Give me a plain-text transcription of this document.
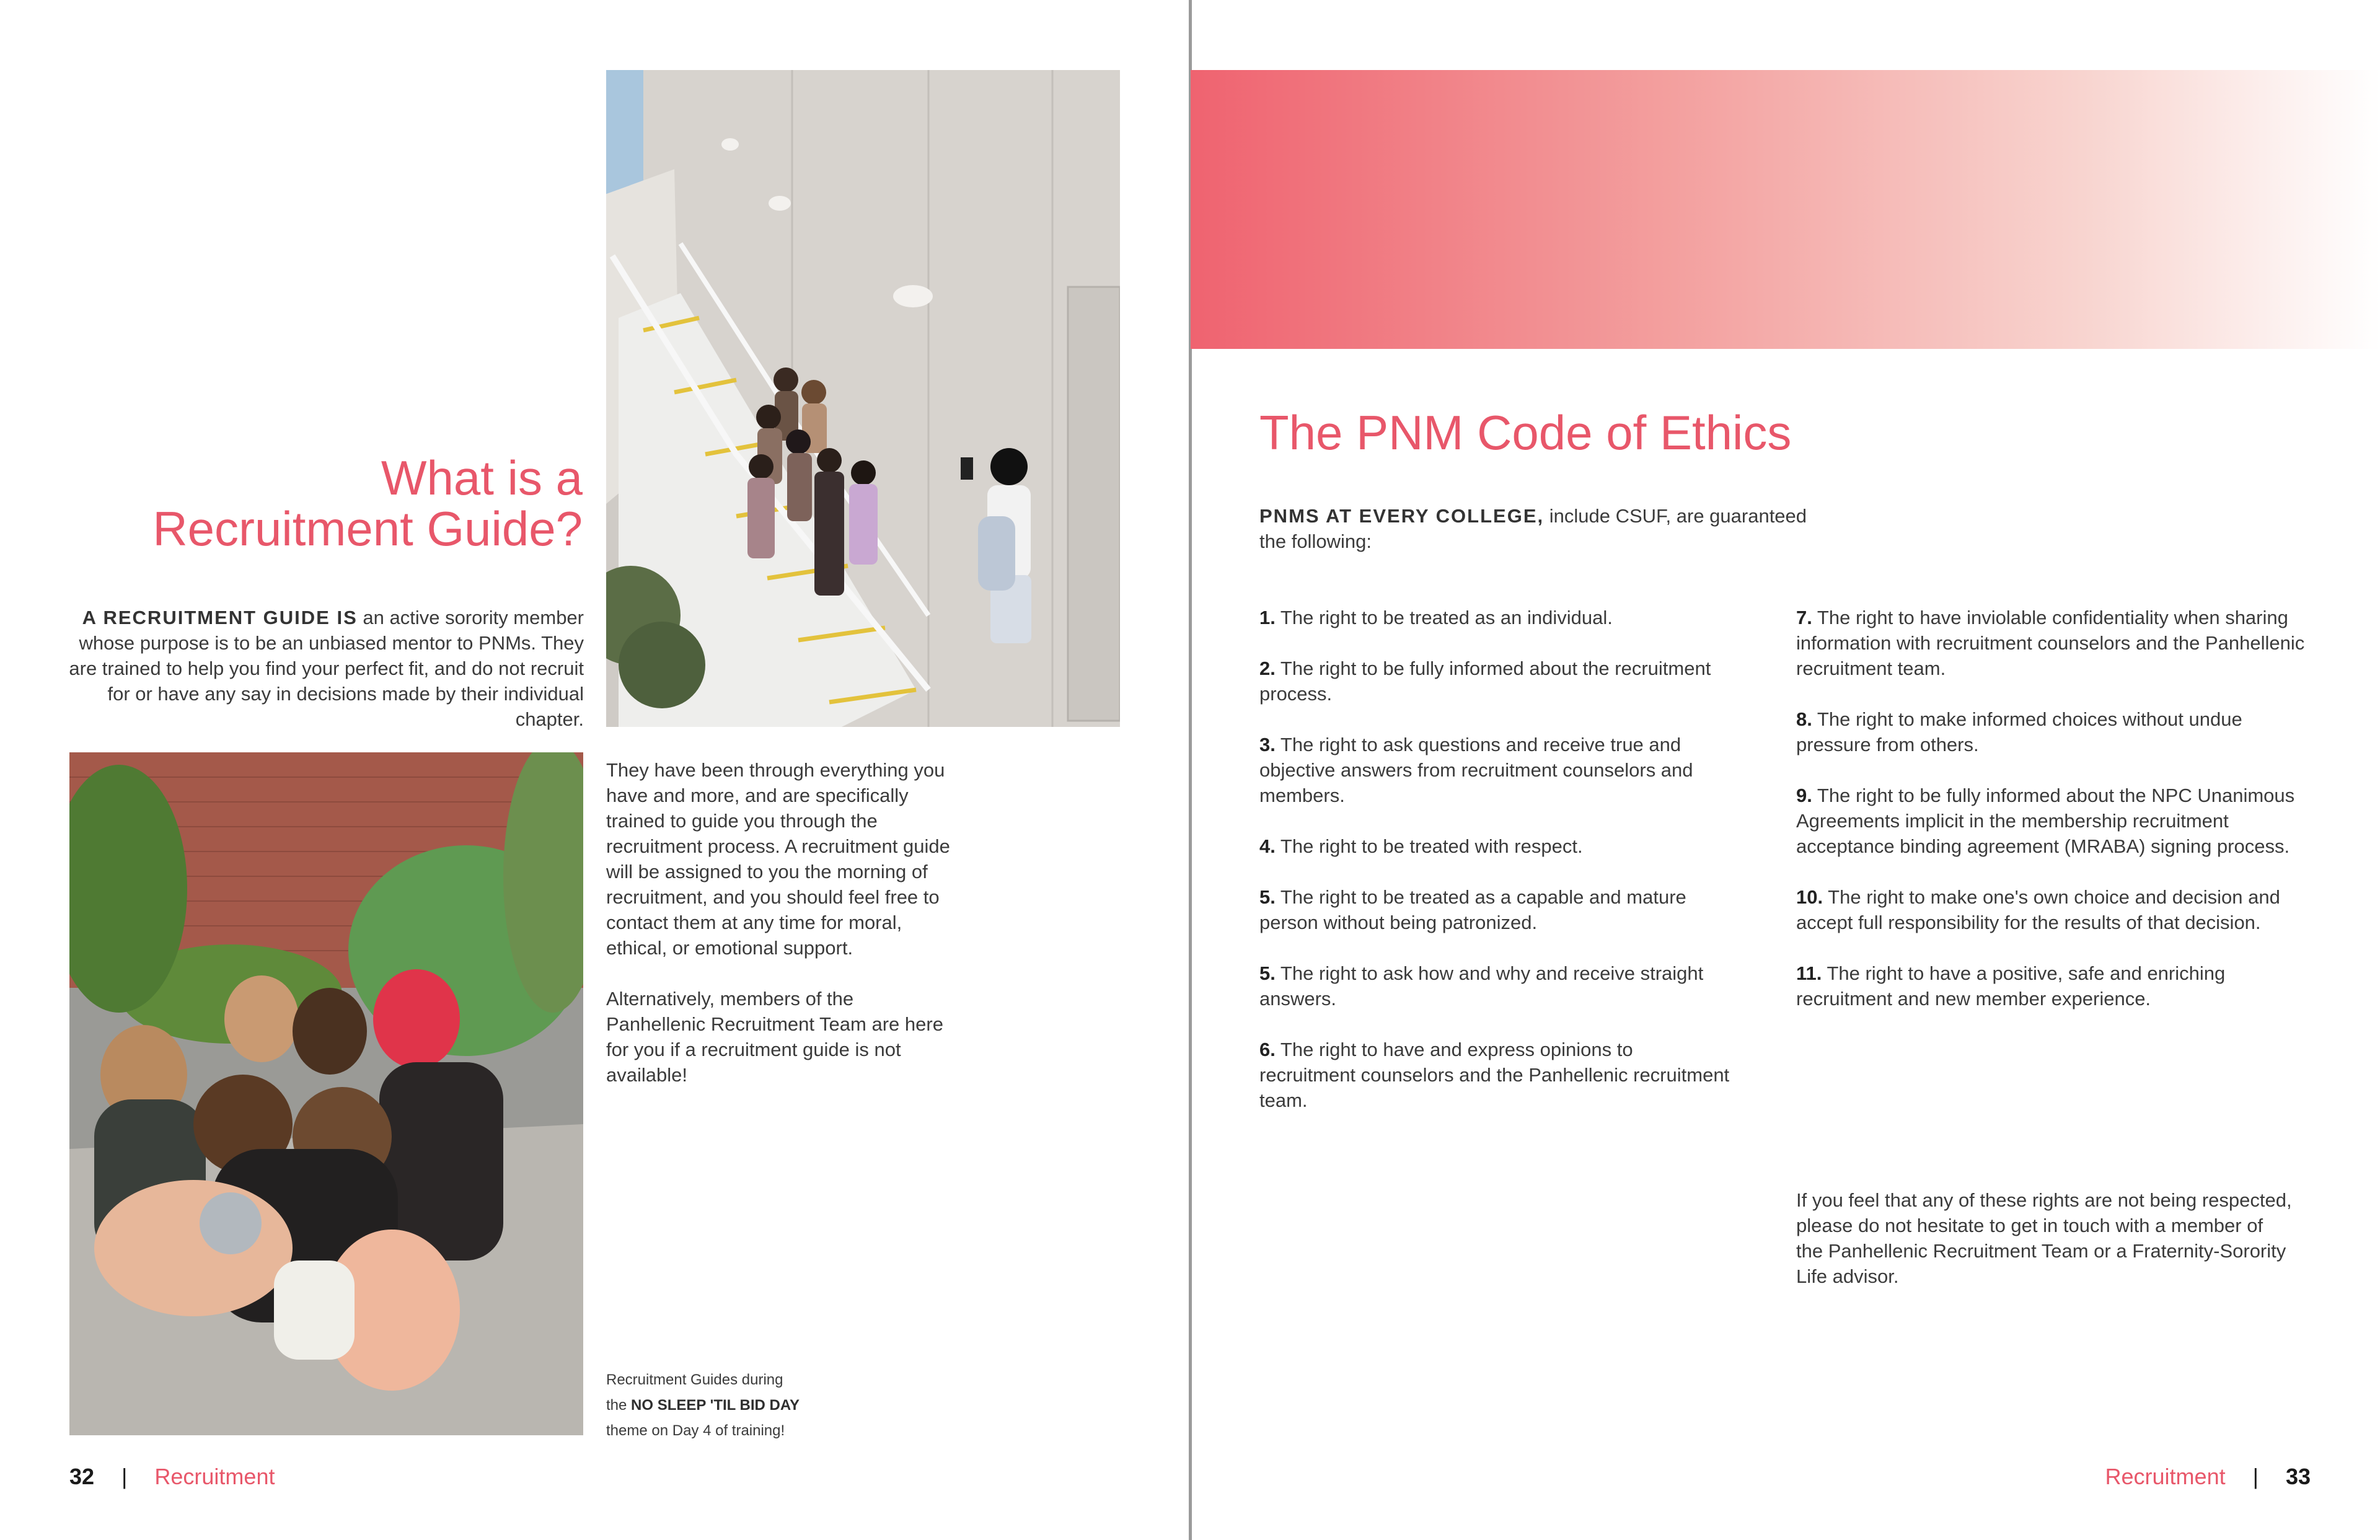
What is a
Recruitment Guide?
A RECRUITMENT GUIDE IS an active sorority member whose purpose is to be an unbiased mentor to PNMs. They are trained to help you find your perfect fit, and do not recruit for or have any say in decisions made by their individual chapter.

They have been through everything you have and more, and are specifically trained to guide you through the recruitment process. A recruitment guide will be assigned to you the morning of recruitment, and you should feel free to contact them at any time for moral, ethical, or emotional support.

Alternatively, members of the Panhellenic Recruitment Team are here for you if a recruitment guide is not available!

Recruitment Guides during
the NO SLEEP 'TIL BID DAY
theme on Day 4 of training!
32 | Recruitment
The PNM Code of Ethics
PNMS AT EVERY COLLEGE, include CSUF, are guaranteed the following:
1. The right to be treated as an individual.
2. The right to be fully informed about the recruitment process.
3. The right to ask questions and receive true and objective answers from recruitment counselors and members.
4. The right to be treated with respect.
5. The right to be treated as a capable and mature person without being patronized.
5. The right to ask how and why and receive straight answers.
6. The right to have and express opinions to recruitment counselors and the Panhellenic recruitment team.
7. The right to have inviolable confidentiality when sharing information with recruitment counselors and the Panhellenic recruitment team.
8. The right to make informed choices without undue pressure from others.
9. The right to be fully informed about the NPC Unanimous Agreements implicit in the membership recruitment acceptance binding agreement (MRABA) signing process.
10. The right to make one's own choice and decision and accept full responsibility for the results of that decision.
11. The right to have a positive, safe and enriching recruitment and new member experience.
If you feel that any of these rights are not being respected, please do not hesitate to get in touch with a member of the Panhellenic Recruitment Team or a Fraternity-Sorority Life advisor.
Recruitment | 33
